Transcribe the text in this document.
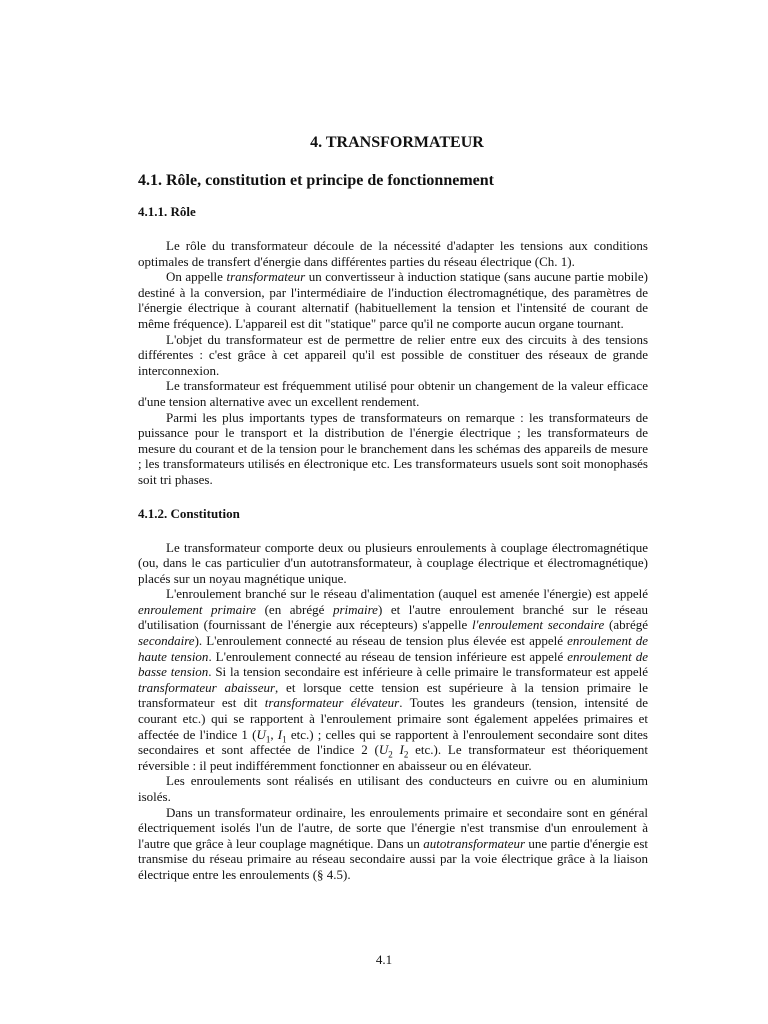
4. TRANSFORMATEUR
4.1. Rôle, constitution et principe de fonctionnement
4.1.1. Rôle

Le rôle du transformateur découle de la nécessité d'adapter les tensions aux conditions optimales de transfert d'énergie dans différentes parties du réseau électrique (Ch. 1).

On appelle transformateur un convertisseur à induction statique (sans aucune partie mobile) destiné à la conversion, par l'intermédiaire de l'induction électromagnétique, des paramètres de l'énergie électrique à courant alternatif (habituellement la tension et l'intensité de courant de même fréquence). L'appareil est dit "statique" parce qu'il ne comporte aucun organe tournant.

L'objet du transformateur est de permettre de relier entre eux des circuits à des tensions différentes : c'est grâce à cet appareil qu'il est possible de constituer des réseaux de grande interconnexion.

Le transformateur est fréquemment utilisé pour obtenir un changement de la valeur efficace d'une tension alternative avec un excellent rendement.

Parmi les plus importants types de transformateurs on remarque : les transformateurs de puissance pour le transport et la distribution de l'énergie électrique ; les transformateurs de mesure du courant et de la tension pour le branchement dans les schémas des appareils de mesure ; les transformateurs utilisés en électronique etc. Les transformateurs usuels sont soit monophasés soit tri phases.

4.1.2. Constitution

Le transformateur comporte deux ou plusieurs enroulements à couplage électromagnétique (ou, dans le cas particulier d'un autotransformateur, à couplage électrique et électromagnétique) placés sur un noyau magnétique unique.

L'enroulement branché sur le réseau d'alimentation (auquel est amenée l'énergie) est appelé enroulement primaire (en abrégé primaire) et l'autre enroulement branché sur le réseau d'utilisation (fournissant de l'énergie aux récepteurs) s'appelle l'enroulement secondaire (abrégé secondaire). L'enroulement connecté au réseau de tension plus élevée est appelé enroulement de haute tension. L'enroulement connecté au réseau de tension inférieure est appelé enroulement de basse tension. Si la tension secondaire est inférieure à celle primaire le transformateur est appelé transformateur abaisseur, et lorsque cette tension est supérieure à la tension primaire le transformateur est dit transformateur élévateur. Toutes les grandeurs (tension, intensité de courant etc.) qui se rapportent à l'enroulement primaire sont également appelées primaires et affectée de l'indice 1 ($U_1$, $I_1$ etc.) ; celles qui se rapportent à l'enroulement secondaire sont dites secondaires et sont affectée de l'indice 2 ($U_2$ $I_2$ etc.). Le transformateur est théoriquement réversible : il peut indifféremment fonctionner en abaisseur ou en élévateur.

Les enroulements sont réalisés en utilisant des conducteurs en cuivre ou en aluminium isolés.

Dans un transformateur ordinaire, les enroulements primaire et secondaire sont en général électriquement isolés l'un de l'autre, de sorte que l'énergie n'est transmise d'un enroulement à l'autre que grâce à leur couplage magnétique. Dans un autotransformateur une partie d'énergie est transmise du réseau primaire au réseau secondaire aussi par la voie électrique grâce à la liaison électrique entre les enroulements (§ 4.5).

4.1
